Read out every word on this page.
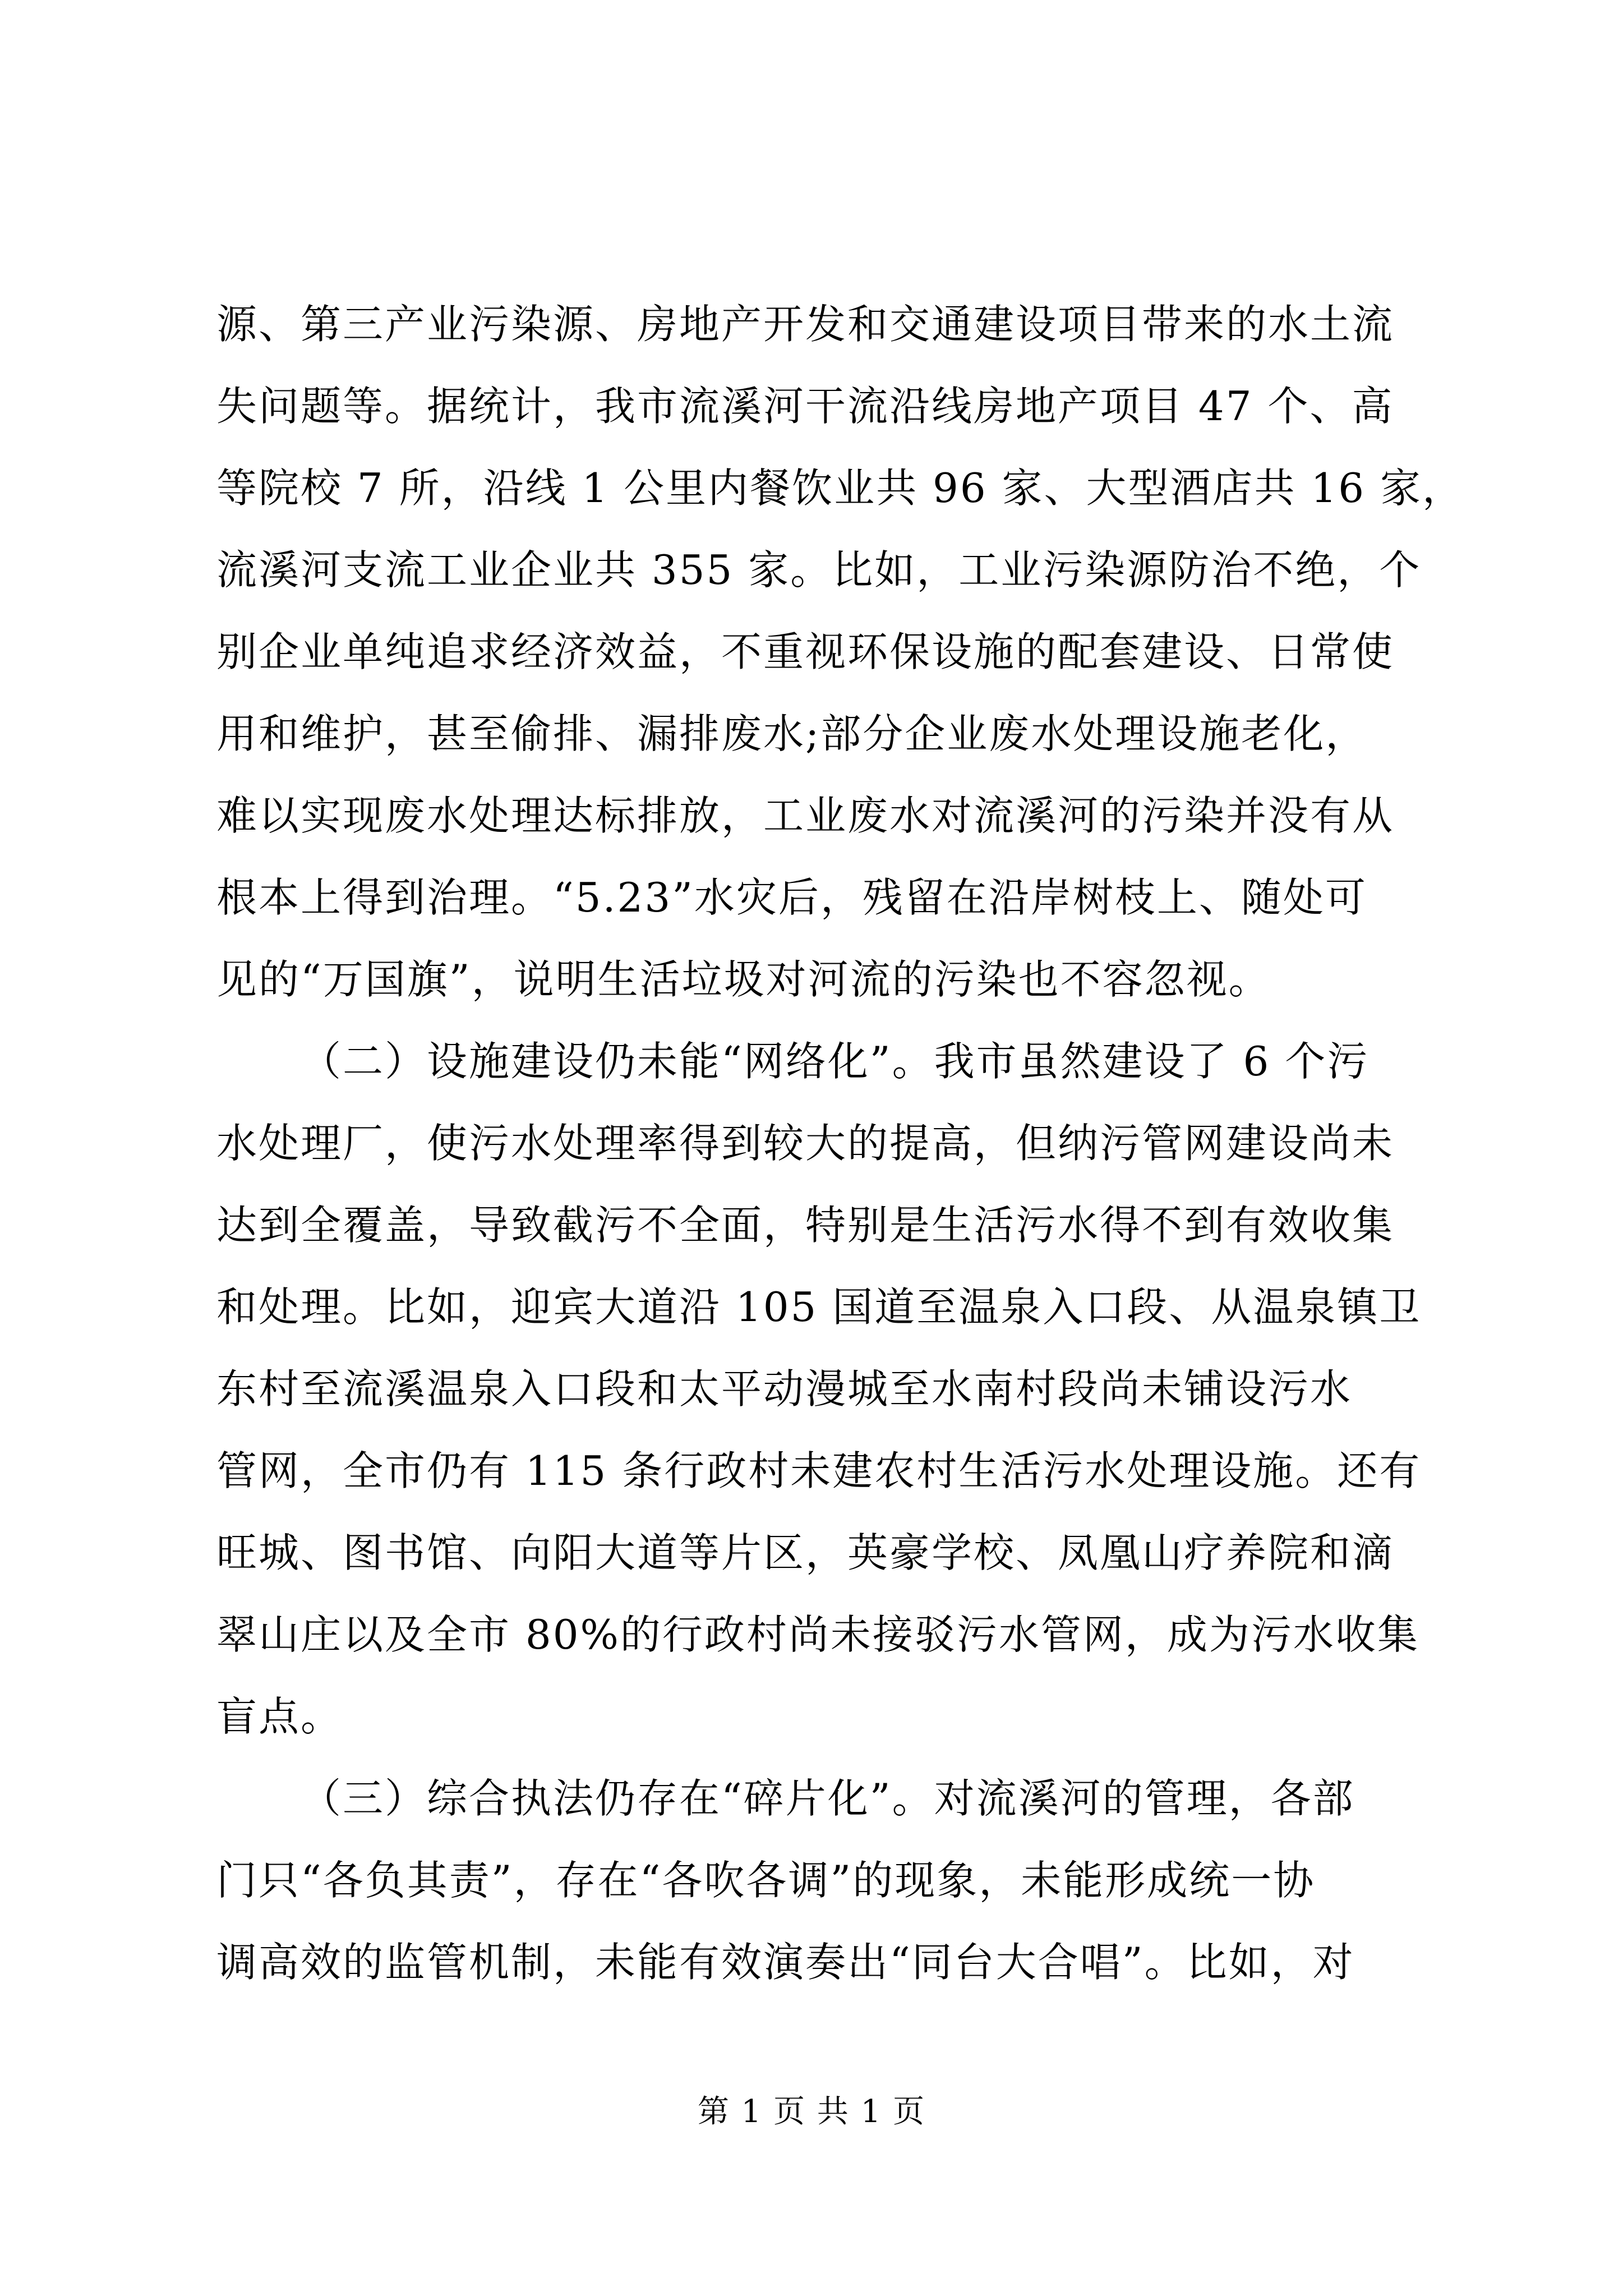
源、第三产业污染源、房地产开发和交通建设项目带来的水土流
失问题等。据统计，我市流溪河干流沿线房地产项目 47 个、高
等院校 7 所，沿线 1 公里内餐饮业共 96 家、大型酒店共 16 家，
流溪河支流工业企业共 355 家。比如，工业污染源防治不绝，个
别企业单纯追求经济效益，不重视环保设施的配套建设、日常使
用和维护，甚至偷排、漏排废水;部分企业废水处理设施老化，
难以实现废水处理达标排放，工业废水对流溪河的污染并没有从
根本上得到治理。“5.23”水灾后，残留在沿岸树枝上、随处可
见的“万国旗”，说明生活垃圾对河流的污染也不容忽视。
（二）设施建设仍未能“网络化”。我市虽然建设了 6 个污
水处理厂，使污水处理率得到较大的提高，但纳污管网建设尚未
达到全覆盖，导致截污不全面，特别是生活污水得不到有效收集
和处理。比如，迎宾大道沿 105 国道至温泉入口段、从温泉镇卫
东村至流溪温泉入口段和太平动漫城至水南村段尚未铺设污水
管网，全市仍有 115 条行政村未建农村生活污水处理设施。还有
旺城、图书馆、向阳大道等片区，英豪学校、凤凰山疗养院和滴
翠山庄以及全市 80%的行政村尚未接驳污水管网，成为污水收集
盲点。
（三）综合执法仍存在“碎片化”。对流溪河的管理，各部
门只“各负其责”，存在“各吹各调”的现象，未能形成统一协
调高效的监管机制，未能有效演奏出“同台大合唱”。比如，对
第 1 页 共 1 页
